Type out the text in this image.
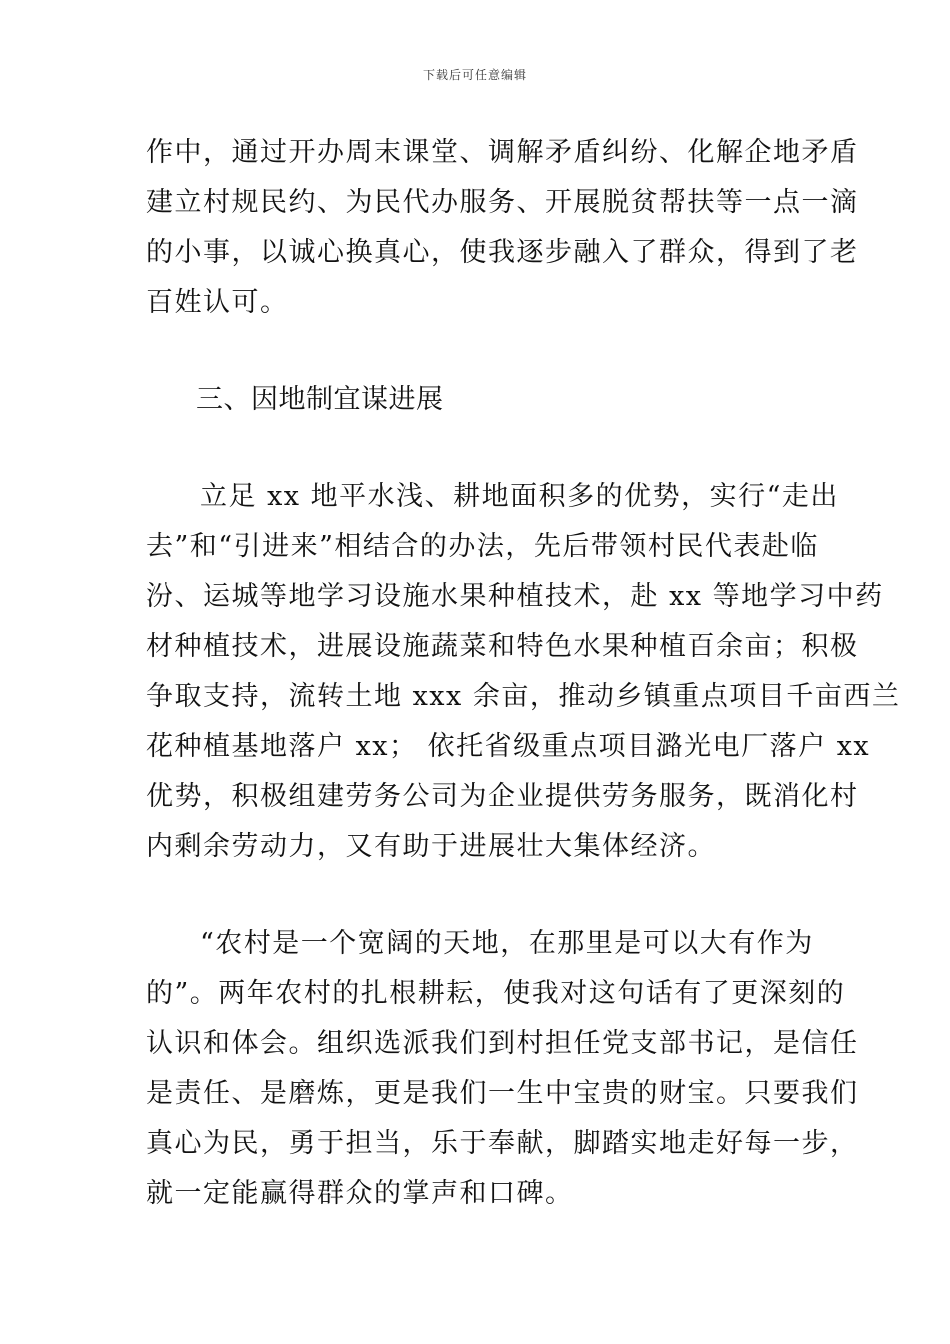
下载后可任意编辑
作中，通过开办周末课堂、调解矛盾纠纷、化解企地矛盾
建立村规民约、为民代办服务、开展脱贫帮扶等一点一滴
的小事，以诚心换真心，使我逐步融入了群众，得到了老
百姓认可。
三、因地制宜谋进展
立足 xx 地平水浅、耕地面积多的优势，实行“走出
去”和“引进来”相结合的办法，先后带领村民代表赴临
汾、运城等地学习设施水果种植技术，赴 xx 等地学习中药
材种植技术，进展设施蔬菜和特色水果种植百余亩；积极
争取支持，流转土地 xxx 余亩，推动乡镇重点项目千亩西兰
花种植基地落户 xx； 依托省级重点项目潞光电厂落户 xx
优势，积极组建劳务公司为企业提供劳务服务，既消化村
内剩余劳动力，又有助于进展壮大集体经济。
“农村是一个宽阔的天地，在那里是可以大有作为
的”。两年农村的扎根耕耘，使我对这句话有了更深刻的
认识和体会。组织选派我们到村担任党支部书记，是信任
是责任、是磨炼，更是我们一生中宝贵的财宝。只要我们
真心为民，勇于担当，乐于奉献，脚踏实地走好每一步，
就一定能赢得群众的掌声和口碑。
